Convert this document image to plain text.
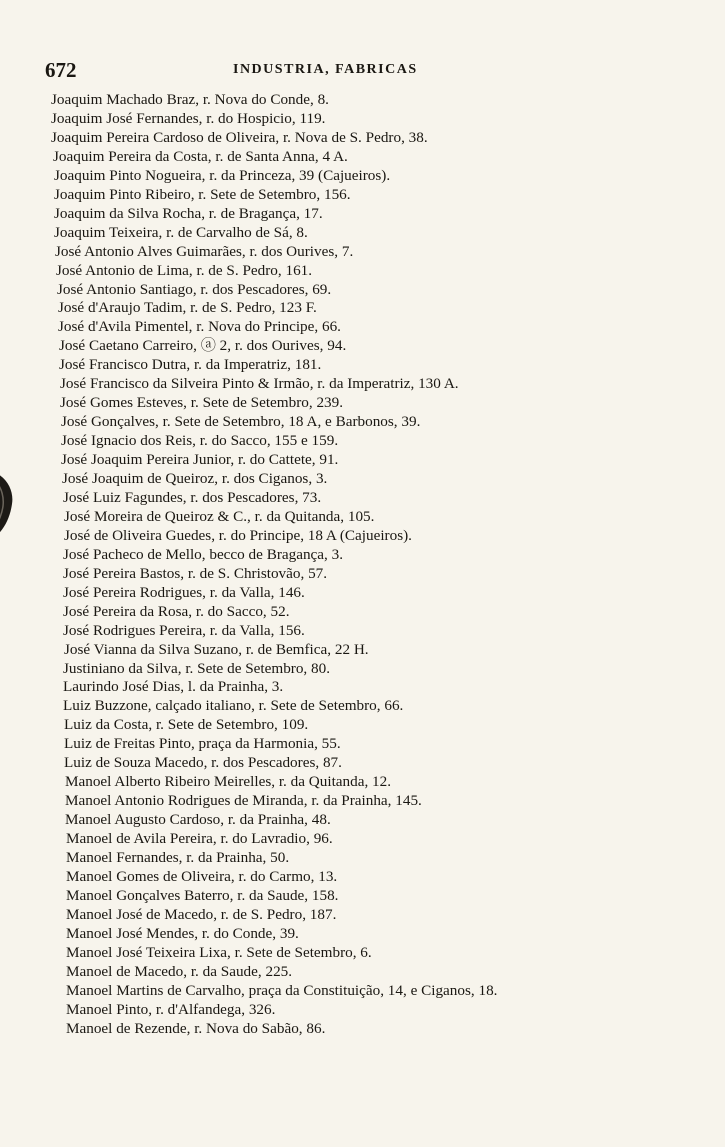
672	INDUSTRIA, FABRICAS
Joaquim Machado Braz, r. Nova do Conde, 8.
Joaquim José Fernandes, r. do Hospicio, 119.
Joaquim Pereira Cardoso de Oliveira, r. Nova de S. Pedro, 38.
Joaquim Pereira da Costa, r. de Santa Anna, 4 A.
Joaquim Pinto Nogueira, r. da Princeza, 39 (Cajueiros).
Joaquim Pinto Ribeiro, r. Sete de Setembro, 156.
Joaquim da Silva Rocha, r. de Bragança, 17.
Joaquim Teixeira, r. de Carvalho de Sá, 8.
José Antonio Alves Guimarães, r. dos Ourives, 7.
José Antonio de Lima, r. de S. Pedro, 161.
José Antonio Santiago, r. dos Pescadores, 69.
José d'Araujo Tadim, r. de S. Pedro, 123 F.
José d'Avila Pimentel, r. Nova do Principe, 66.
José Caetano Carreiro, ⓐ 2, r. dos Ourives, 94.
José Francisco Dutra, r. da Imperatriz, 181.
José Francisco da Silveira Pinto & Irmão, r. da Imperatriz, 130 A.
José Gomes Esteves, r. Sete de Setembro, 239.
José Gonçalves, r. Sete de Setembro, 18 A, e Barbonos, 39.
José Ignacio dos Reis, r. do Sacco, 155 e 159.
José Joaquim Pereira Junior, r. do Cattete, 91.
José Joaquim de Queiroz, r. dos Ciganos, 3.
José Luiz Fagundes, r. dos Pescadores, 73.
José Moreira de Queiroz & C., r. da Quitanda, 105.
José de Oliveira Guedes, r. do Principe, 18 A (Cajueiros).
José Pacheco de Mello, becco de Bragança, 3.
José Pereira Bastos, r. de S. Christovão, 57.
José Pereira Rodrigues, r. da Valla, 146.
José Pereira da Rosa, r. do Sacco, 52.
José Rodrigues Pereira, r. da Valla, 156.
José Vianna da Silva Suzano, r. de Bemfica, 22 H.
Justiniano da Silva, r. Sete de Setembro, 80.
Laurindo José Dias, l. da Prainha, 3.
Luiz Buzzone, calçado italiano, r. Sete de Setembro, 66.
Luiz da Costa, r. Sete de Setembro, 109.
Luiz de Freitas Pinto, praça da Harmonia, 55.
Luiz de Souza Macedo, r. dos Pescadores, 87.
Manoel Alberto Ribeiro Meirelles, r. da Quitanda, 12.
Manoel Antonio Rodrigues de Miranda, r. da Prainha, 145.
Manoel Augusto Cardoso, r. da Prainha, 48.
Manoel de Avila Pereira, r. do Lavradio, 96.
Manoel Fernandes, r. da Prainha, 50.
Manoel Gomes de Oliveira, r. do Carmo, 13.
Manoel Gonçalves Baterro, r. da Saude, 158.
Manoel José de Macedo, r. de S. Pedro, 187.
Manoel José Mendes, r. do Conde, 39.
Manoel José Teixeira Lixa, r. Sete de Setembro, 6.
Manoel de Macedo, r. da Saude, 225.
Manoel Martins de Carvalho, praça da Constituição, 14, e Ciganos, 18.
Manoel Pinto, r. d'Alfandega, 326.
Manoel de Rezende, r. Nova do Sabão, 86.
